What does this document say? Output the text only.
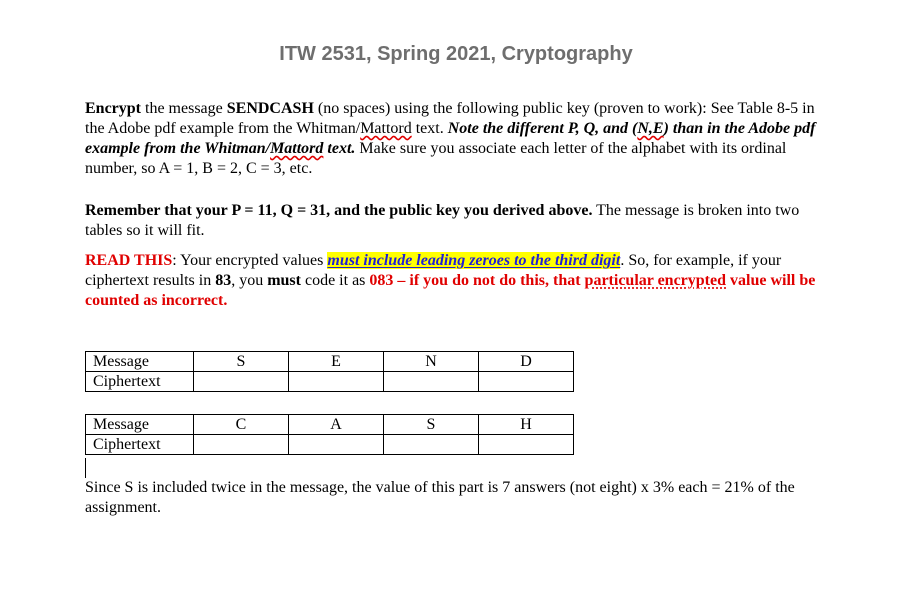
ITW 2531, Spring 2021, Cryptography
Encrypt the message SENDCASH (no spaces) using the following public key (proven to work): See Table 8-5 in the Adobe pdf example from the Whitman/Mattord text. Note the different P, Q, and (N,E) than in the Adobe pdf example from the Whitman/Mattord text. Make sure you associate each letter of the alphabet with its ordinal number, so A = 1, B = 2, C = 3, etc.
Remember that your P = 11, Q = 31, and the public key you derived above. The message is broken into two tables so it will fit.
READ THIS: Your encrypted values must include leading zeroes to the third digit. So, for example, if your ciphertext results in 83, you must code it as 083 – if you do not do this, that particular encrypted value will be counted as incorrect.
Message	S	E	N	D
Ciphertext				
Message	C	A	S	H
Ciphertext				
Since S is included twice in the message, the value of this part is 7 answers (not eight) x 3% each = 21% of the assignment.
